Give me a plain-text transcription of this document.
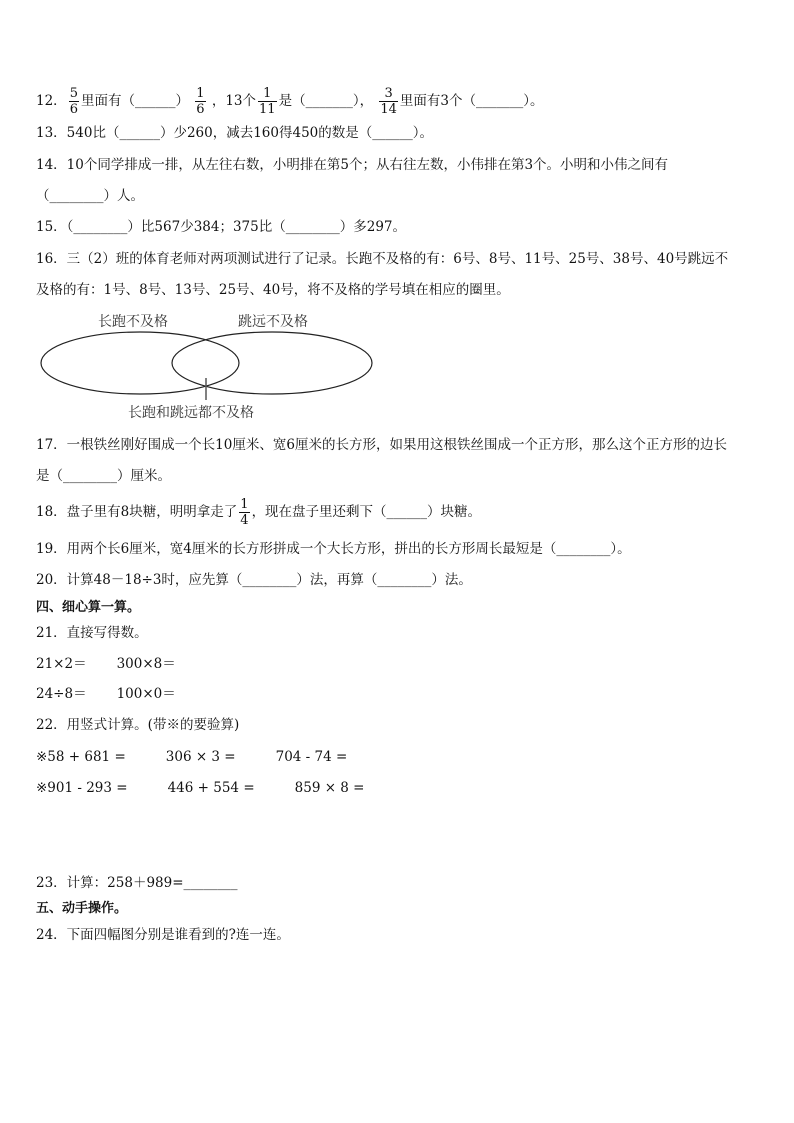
12． $\frac{5}{6}$ 里面有（______） $\frac{1}{6}$ ，13个 $\frac{1}{11}$ 是（_______）， $\frac{3}{14}$ 里面有3个（_______）。
13．540比（______）少260，减去160得450的数是（______）。
14．10个同学排成一排，从左往右数，小明排在第5个；从右往左数，小伟排在第3个。小明和小伟之间有
（________）人。
15．（________）比567少384；375比（________）多297。
16．三（2）班的体育老师对两项测试进行了记录。长跑不及格的有：6号、8号、11号、25号、38号、40号跳远不
及格的有：1号、8号、13号、25号、40号，将不及格的学号填在相应的圈里。
长跑不及格	跳远不及格
长跑和跳远都不及格
17．一根铁丝刚好围成一个长10厘米、宽6厘米的长方形，如果用这根铁丝围成一个正方形，那么这个正方形的边长
是（________）厘米。
18．盘子里有8块糖，明明拿走了 $\frac{1}{4}$ ，现在盘子里还剩下（______）块糖。
19．用两个长6厘米，宽4厘米的长方形拼成一个大长方形，拼出的长方形周长最短是（________）。
20．计算48－18÷3时，应先算（________）法，再算（________）法。
四、细心算一算。
21．直接写得数。
21×2＝ 300×8＝
24÷8＝ 100×0＝
22．用竖式计算。(带※的要验算)
※58 + 681 =	306 × 3 =	704 - 74 =
※901 - 293 =	446 + 554 =	859 × 8 =
23．计算：258＋989=________
五、动手操作。
24．下面四幅图分别是谁看到的?连一连。
